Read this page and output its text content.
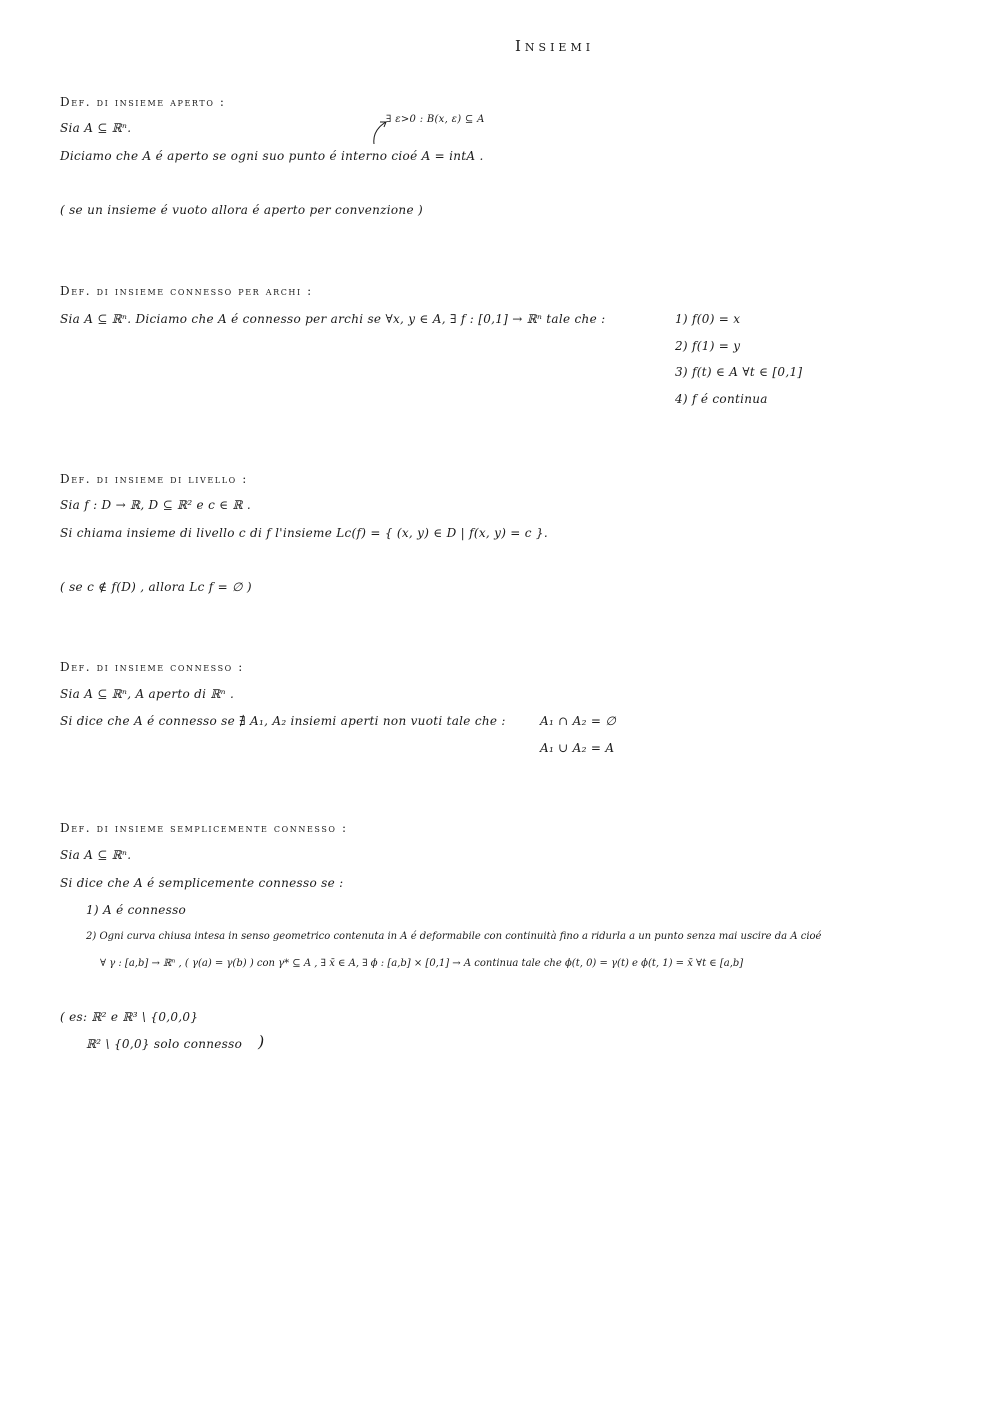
Insiemi
Def. di insieme aperto :
Sia A ⊆ ℝⁿ.
∃ ε>0 : B(x, ε) ⊆ A
Diciamo che A é aperto se ogni suo punto é interno cioé A = intA .
( se un insieme é vuoto allora é aperto per convenzione )
Def. di insieme connesso per archi :
Sia A ⊆ ℝⁿ. Diciamo che A é connesso per archi se ∀x, y ∈ A, ∃ f : [0,1] → ℝⁿ tale che :	1) f(0) = x
2) f(1) = y
3) f(t) ∈ A ∀t ∈ [0,1]
4) f é continua
Def. di insieme di livello :
Sia f : D → ℝ, D ⊆ ℝ² e c ∈ ℝ .
Si chiama insieme di livello c di f l'insieme Lc(f) = { (x, y) ∈ D | f(x, y) = c }.
( se c ∉ f(D) , allora Lc f = ∅ )
Def. di insieme connesso :
Sia A ⊆ ℝⁿ, A aperto di ℝⁿ .
Si dice che A é connesso se ∄ A₁, A₂ insiemi aperti non vuoti tale che :	A₁ ∩ A₂ = ∅
A₁ ∪ A₂ = A
Def. di insieme semplicemente connesso :
Sia A ⊆ ℝⁿ.
Si dice che A é semplicemente connesso se :
1) A é connesso
2) Ogni curva chiusa intesa in senso geometrico contenuta in A é deformabile con continuità fino a ridurla a un punto senza mai uscire da A cioé
∀ γ : [a,b] → ℝⁿ , ( γ(a) = γ(b) ) con γ* ⊆ A , ∃ x̄ ∈ A, ∃ ϕ : [a,b] × [0,1] → A continua tale che ϕ(t, 0) = γ(t) e ϕ(t, 1) = x̄ ∀t ∈ [a,b]
( es: ℝ² e ℝ³ \ {0,0,0}
ℝ² \ {0,0} solo connesso )
